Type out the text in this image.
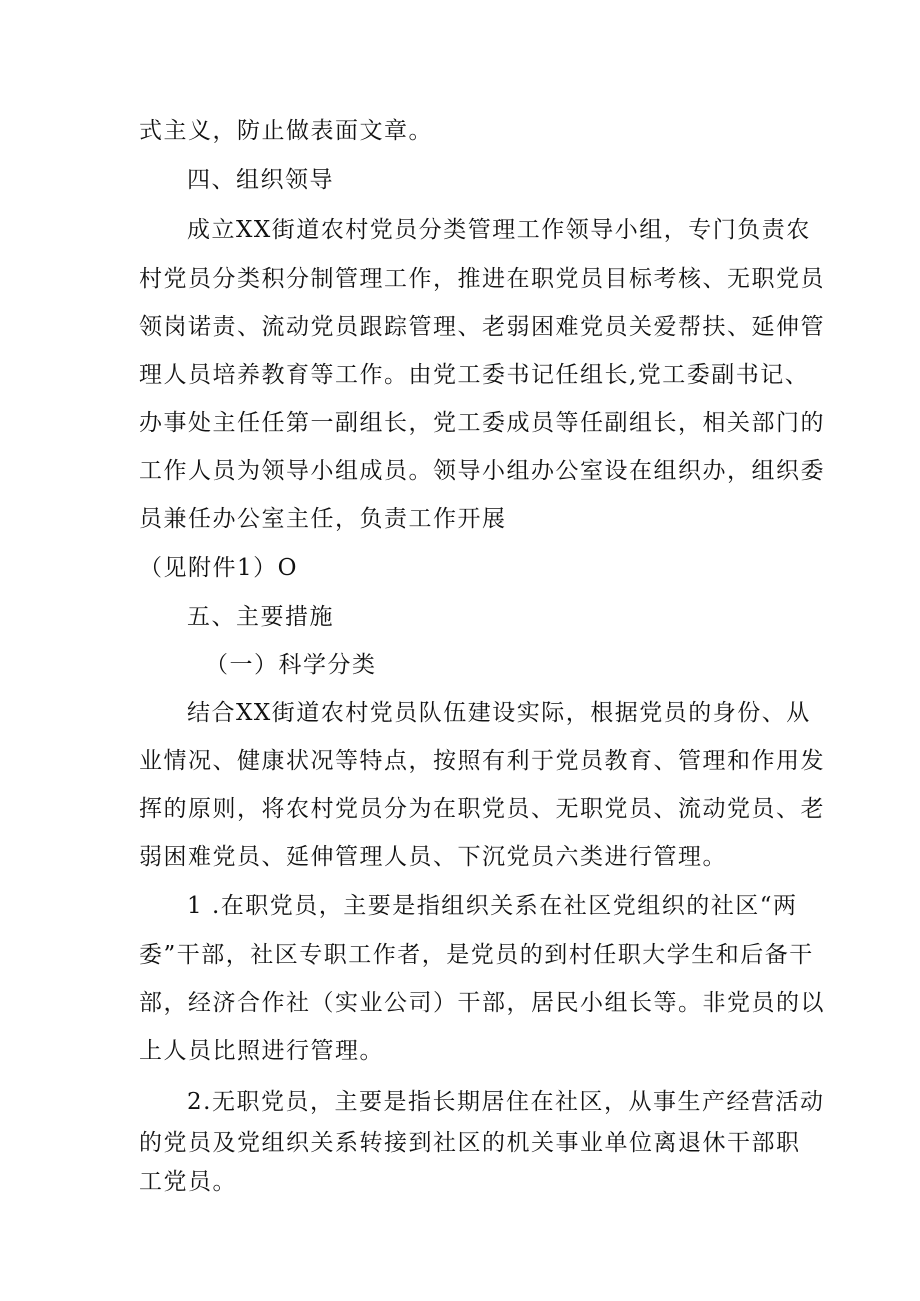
式主义，防止做表面文章。
四、组织领导
成立XX街道农村党员分类管理工作领导小组，专门负责农
村党员分类积分制管理工作，推进在职党员目标考核、无职党员
领岗诺责、流动党员跟踪管理、老弱困难党员关爱帮扶、延伸管
理人员培养教育等工作。由党工委书记任组长,党工委副书记、
办事处主任任第一副组长，党工委成员等任副组长，相关部门的
工作人员为领导小组成员。领导小组办公室设在组织办，组织委
员兼任办公室主任，负责工作开展
（见附件1）O
五、主要措施
（一）科学分类
结合XX街道农村党员队伍建设实际，根据党员的身份、从
业情况、健康状况等特点，按照有利于党员教育、管理和作用发
挥的原则，将农村党员分为在职党员、无职党员、流动党员、老
弱困难党员、延伸管理人员、下沉党员六类进行管理。
1 .在职党员，主要是指组织关系在社区党组织的社区“两
委”干部，社区专职工作者，是党员的到村任职大学生和后备干
部，经济合作社（实业公司）干部，居民小组长等。非党员的以
上人员比照进行管理。
2.无职党员，主要是指长期居住在社区，从事生产经营活动
的党员及党组织关系转接到社区的机关事业单位离退休干部职
工党员。
